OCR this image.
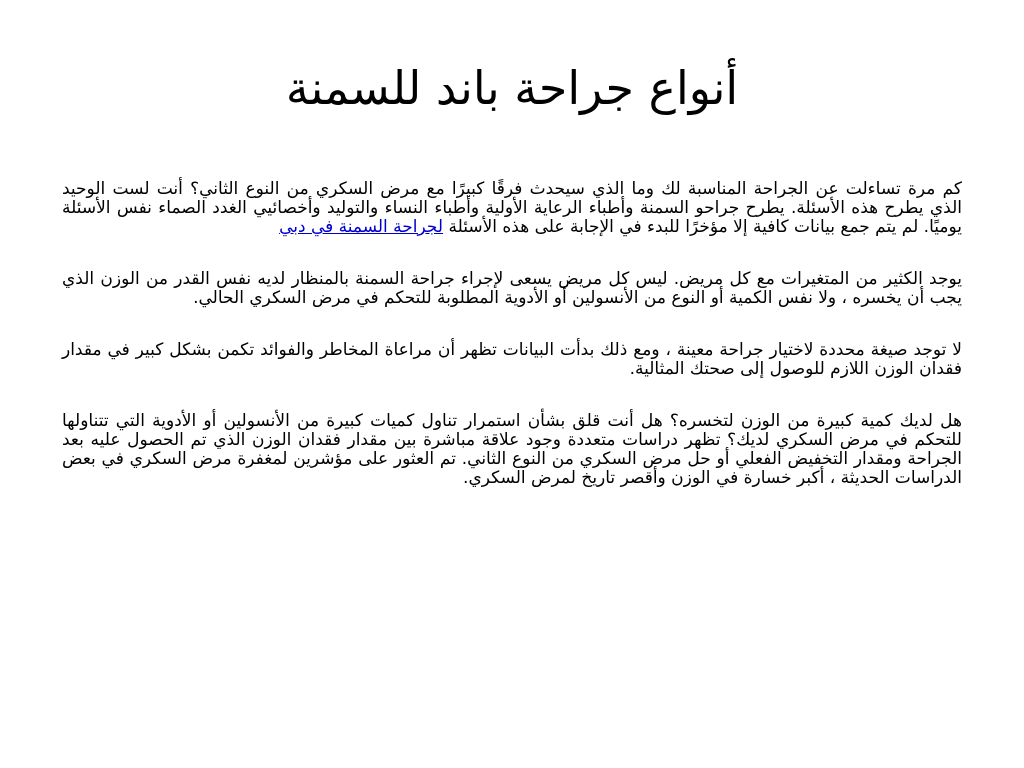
أنواع جراحة باند للسمنة

كم مرة تساءلت عن الجراحة المناسبة لك وما الذي سيحدث فرقًا كبيرًا مع مرض السكري من النوع الثاني؟ أنت لست الوحيد الذي يطرح هذه الأسئلة. يطرح جراحو السمنة وأطباء الرعاية الأولية وأطباء النساء والتوليد وأخصائيي الغدد الصماء نفس الأسئلة يوميًا. لم يتم جمع بيانات كافية إلا مؤخرًا للبدء في الإجابة على هذه الأسئلة لجراحة السمنة في دبي

يوجد الكثير من المتغيرات مع كل مريض. ليس كل مريض يسعى لإجراء جراحة السمنة بالمنظار لديه نفس القدر من الوزن الذي يجب أن يخسره ، ولا نفس الكمية أو النوع من الأنسولين أو الأدوية المطلوبة للتحكم في مرض السكري الحالي.

لا توجد صيغة محددة لاختيار جراحة معينة ، ومع ذلك بدأت البيانات تظهر أن مراعاة المخاطر والفوائد تكمن بشكل كبير في مقدار فقدان الوزن اللازم للوصول إلى صحتك المثالية.

هل لديك كمية كبيرة من الوزن لتخسره؟ هل أنت قلق بشأن استمرار تناول كميات كبيرة من الأنسولين أو الأدوية التي تتناولها للتحكم في مرض السكري لديك؟ تظهر دراسات متعددة وجود علاقة مباشرة بين مقدار فقدان الوزن الذي تم الحصول عليه بعد الجراحة ومقدار التخفيض الفعلي أو حل مرض السكري من النوع الثاني. تم العثور على مؤشرين لمغفرة مرض السكري في بعض الدراسات الحديثة ، أكبر خسارة في الوزن وأقصر تاريخ لمرض السكري.
